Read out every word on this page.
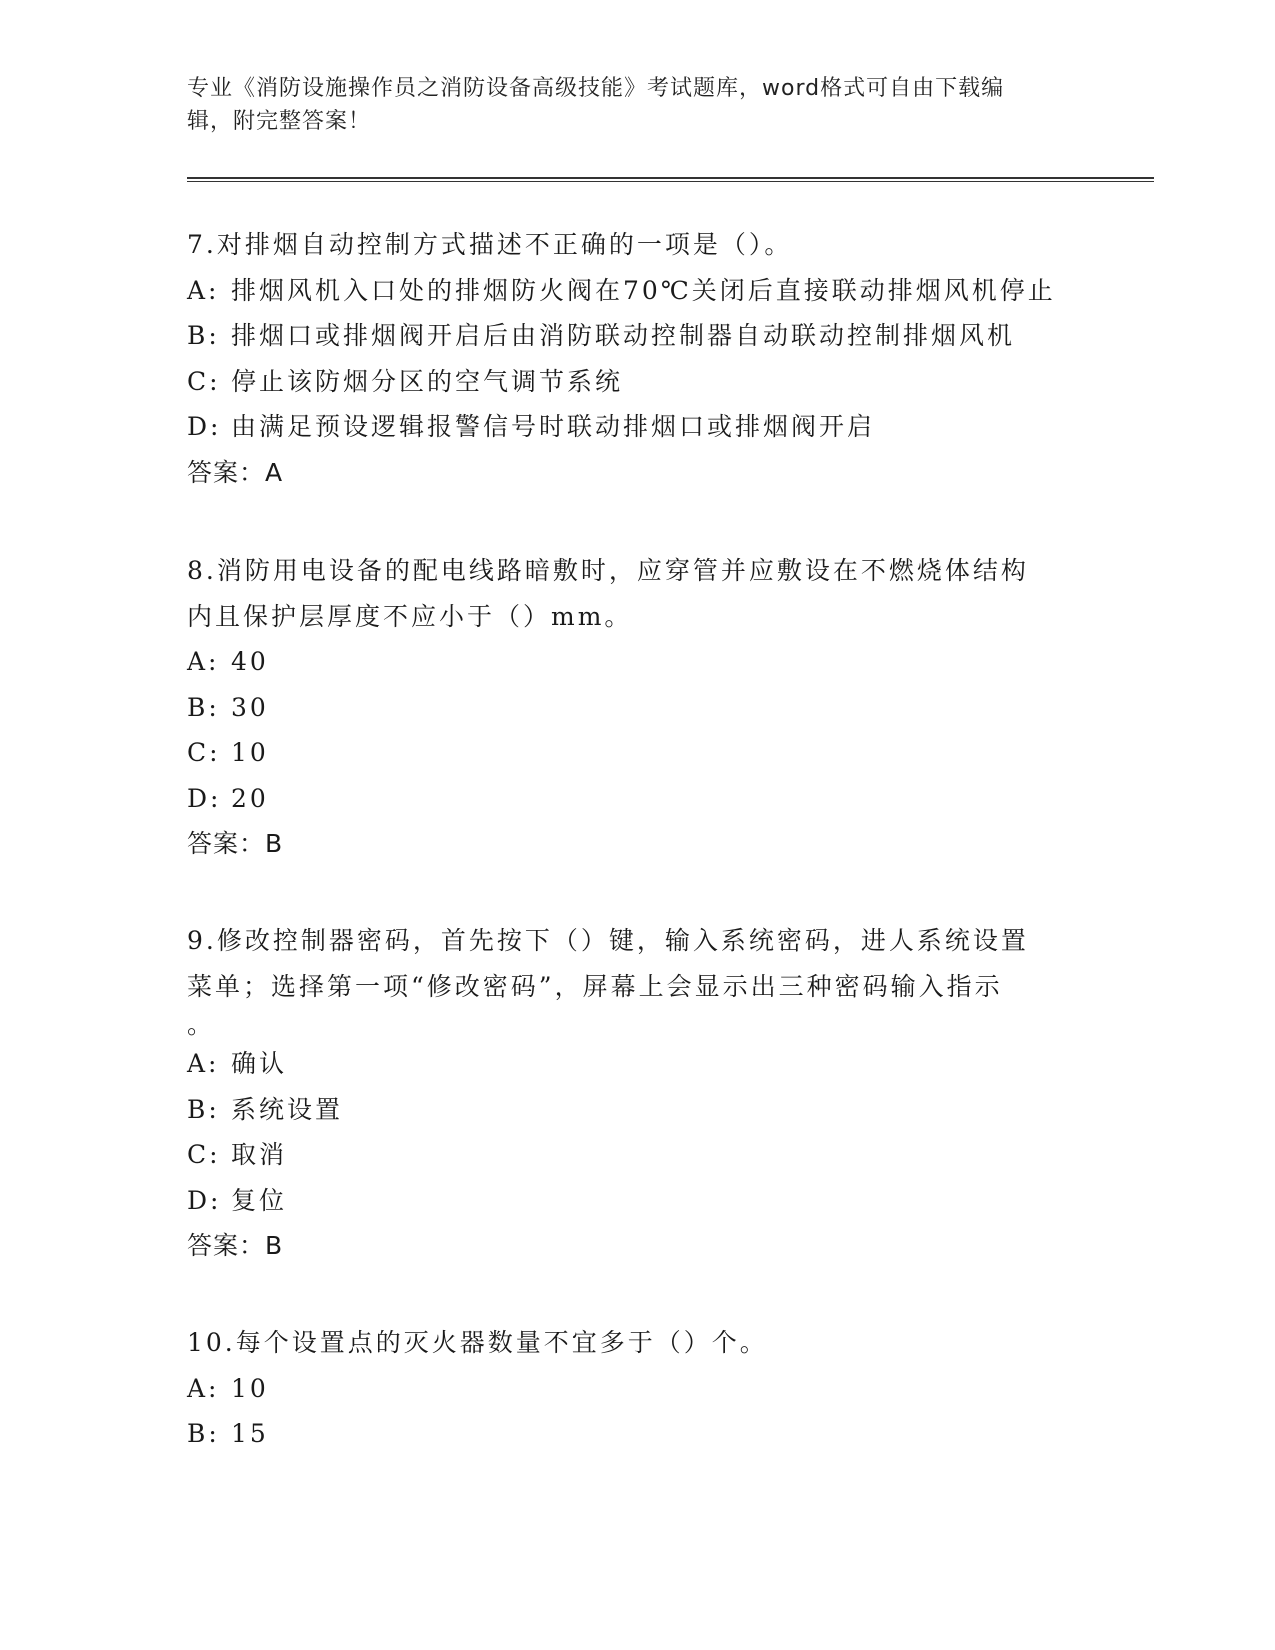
专业《消防设施操作员之消防设备高级技能》考试题库，word格式可自由下载编
辑，附完整答案！

7.对排烟自动控制方式描述不正确的一项是（）。

A: 排烟风机入口处的排烟防火阀在70℃关闭后直接联动排烟风机停止

B: 排烟口或排烟阀开启后由消防联动控制器自动联动控制排烟风机

C: 停止该防烟分区的空气调节系统

D: 由满足预设逻辑报警信号时联动排烟口或排烟阀开启

答案：A

8.消防用电设备的配电线路暗敷时，应穿管并应敷设在不燃烧体结构

内且保护层厚度不应小于（）mm。

A: 40

B: 30

C: 10

D: 20

答案：B

9.修改控制器密码，首先按下（）键，输入系统密码，进人系统设置

菜单；选择第一项“修改密码”，屏幕上会显示出三种密码输入指示

。

A: 确认

B: 系统设置

C: 取消

D: 复位

答案：B

10.每个设置点的灭火器数量不宜多于（）个。

A: 10

B: 15
